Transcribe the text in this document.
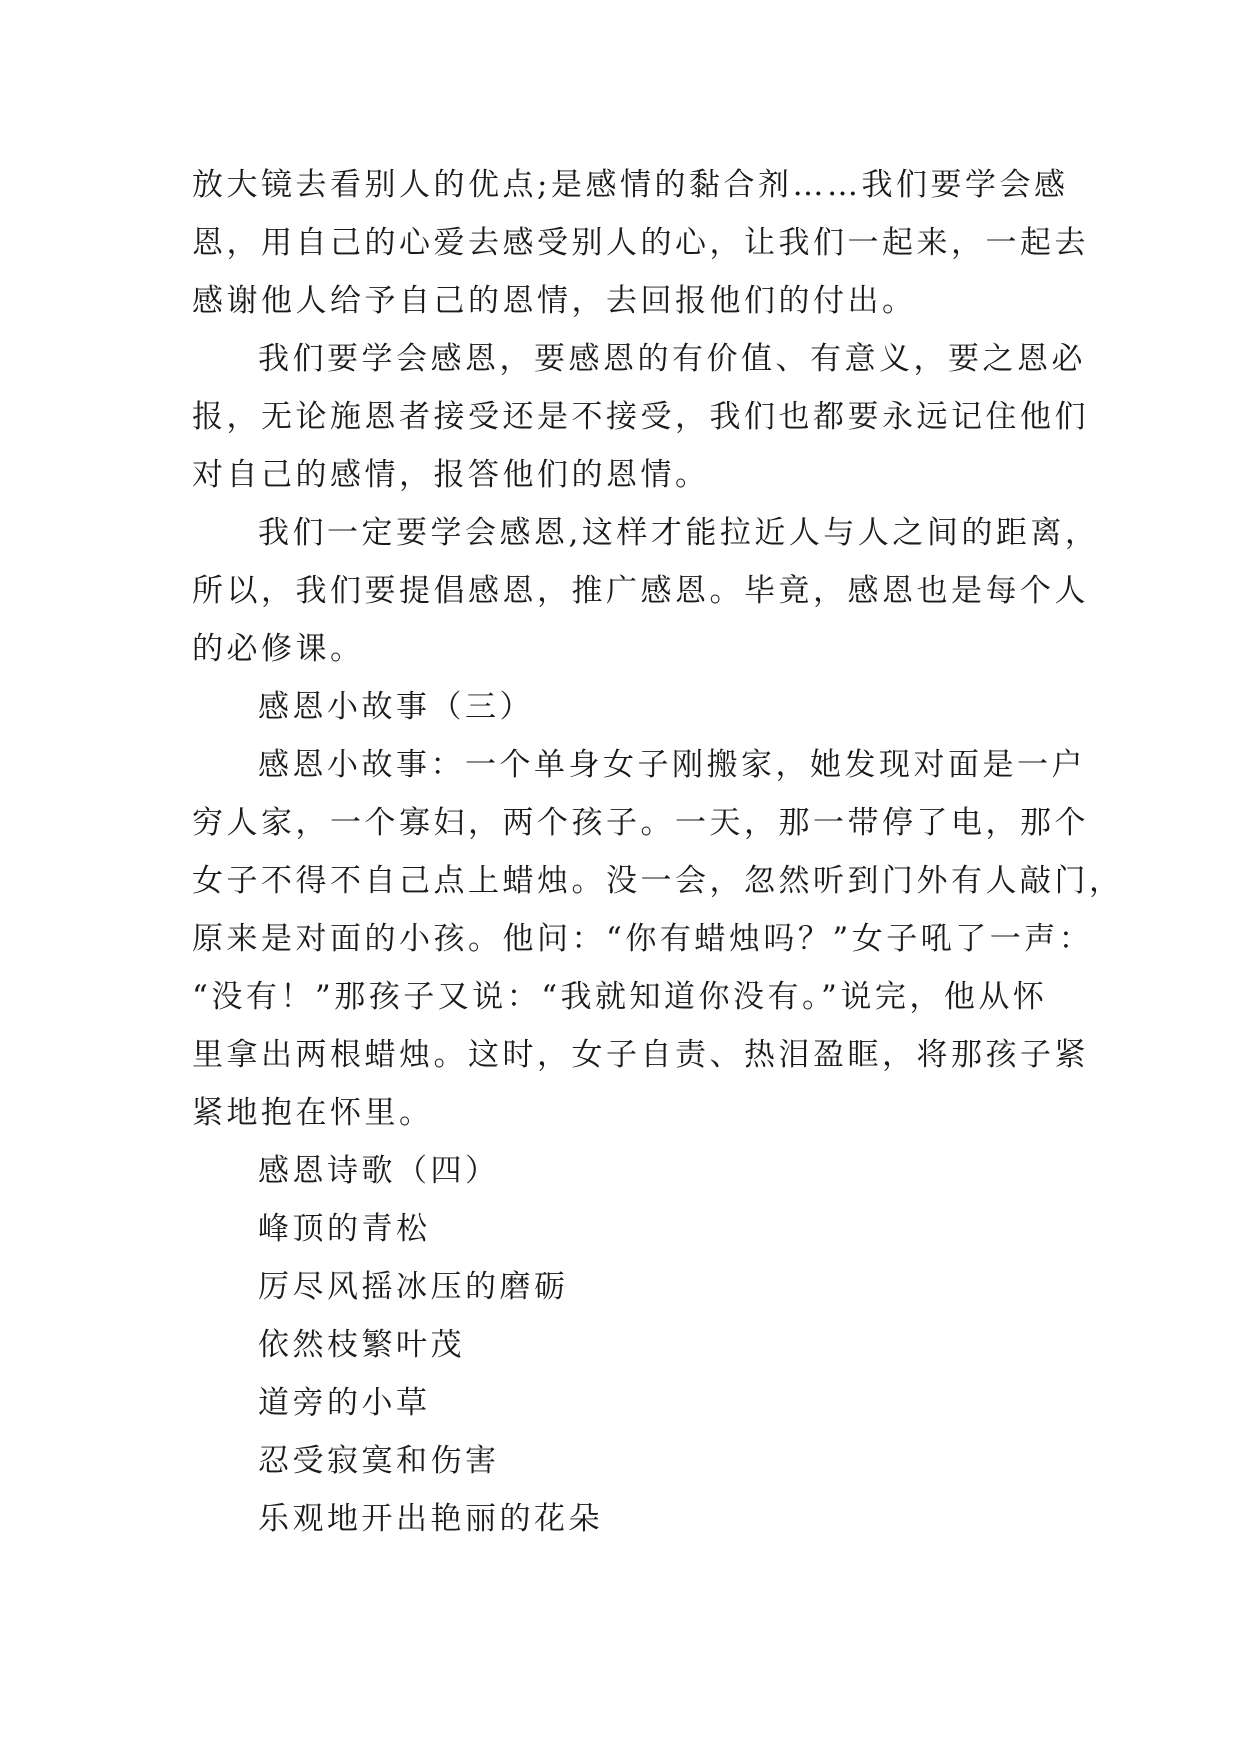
放大镜去看别人的优点;是感情的黏合剂……我们要学会感
恩，用自己的心爱去感受别人的心，让我们一起来，一起去
感谢他人给予自己的恩情，去回报他们的付出。
我们要学会感恩，要感恩的有价值、有意义，要之恩必
报，无论施恩者接受还是不接受，我们也都要永远记住他们
对自己的感情，报答他们的恩情。
我们一定要学会感恩,这样才能拉近人与人之间的距离，
所以，我们要提倡感恩，推广感恩。毕竟，感恩也是每个人
的必修课。
感恩小故事（三）
感恩小故事：一个单身女子刚搬家，她发现对面是一户
穷人家，一个寡妇，两个孩子。一天，那一带停了电，那个
女子不得不自己点上蜡烛。没一会，忽然听到门外有人敲门，
原来是对面的小孩。他问：“你有蜡烛吗？”女子吼了一声：
“没有！”那孩子又说：“我就知道你没有。”说完，他从怀
里拿出两根蜡烛。这时，女子自责、热泪盈眶，将那孩子紧
紧地抱在怀里。
感恩诗歌（四）
峰顶的青松
厉尽风摇冰压的磨砺
依然枝繁叶茂
道旁的小草
忍受寂寞和伤害
乐观地开出艳丽的花朵
